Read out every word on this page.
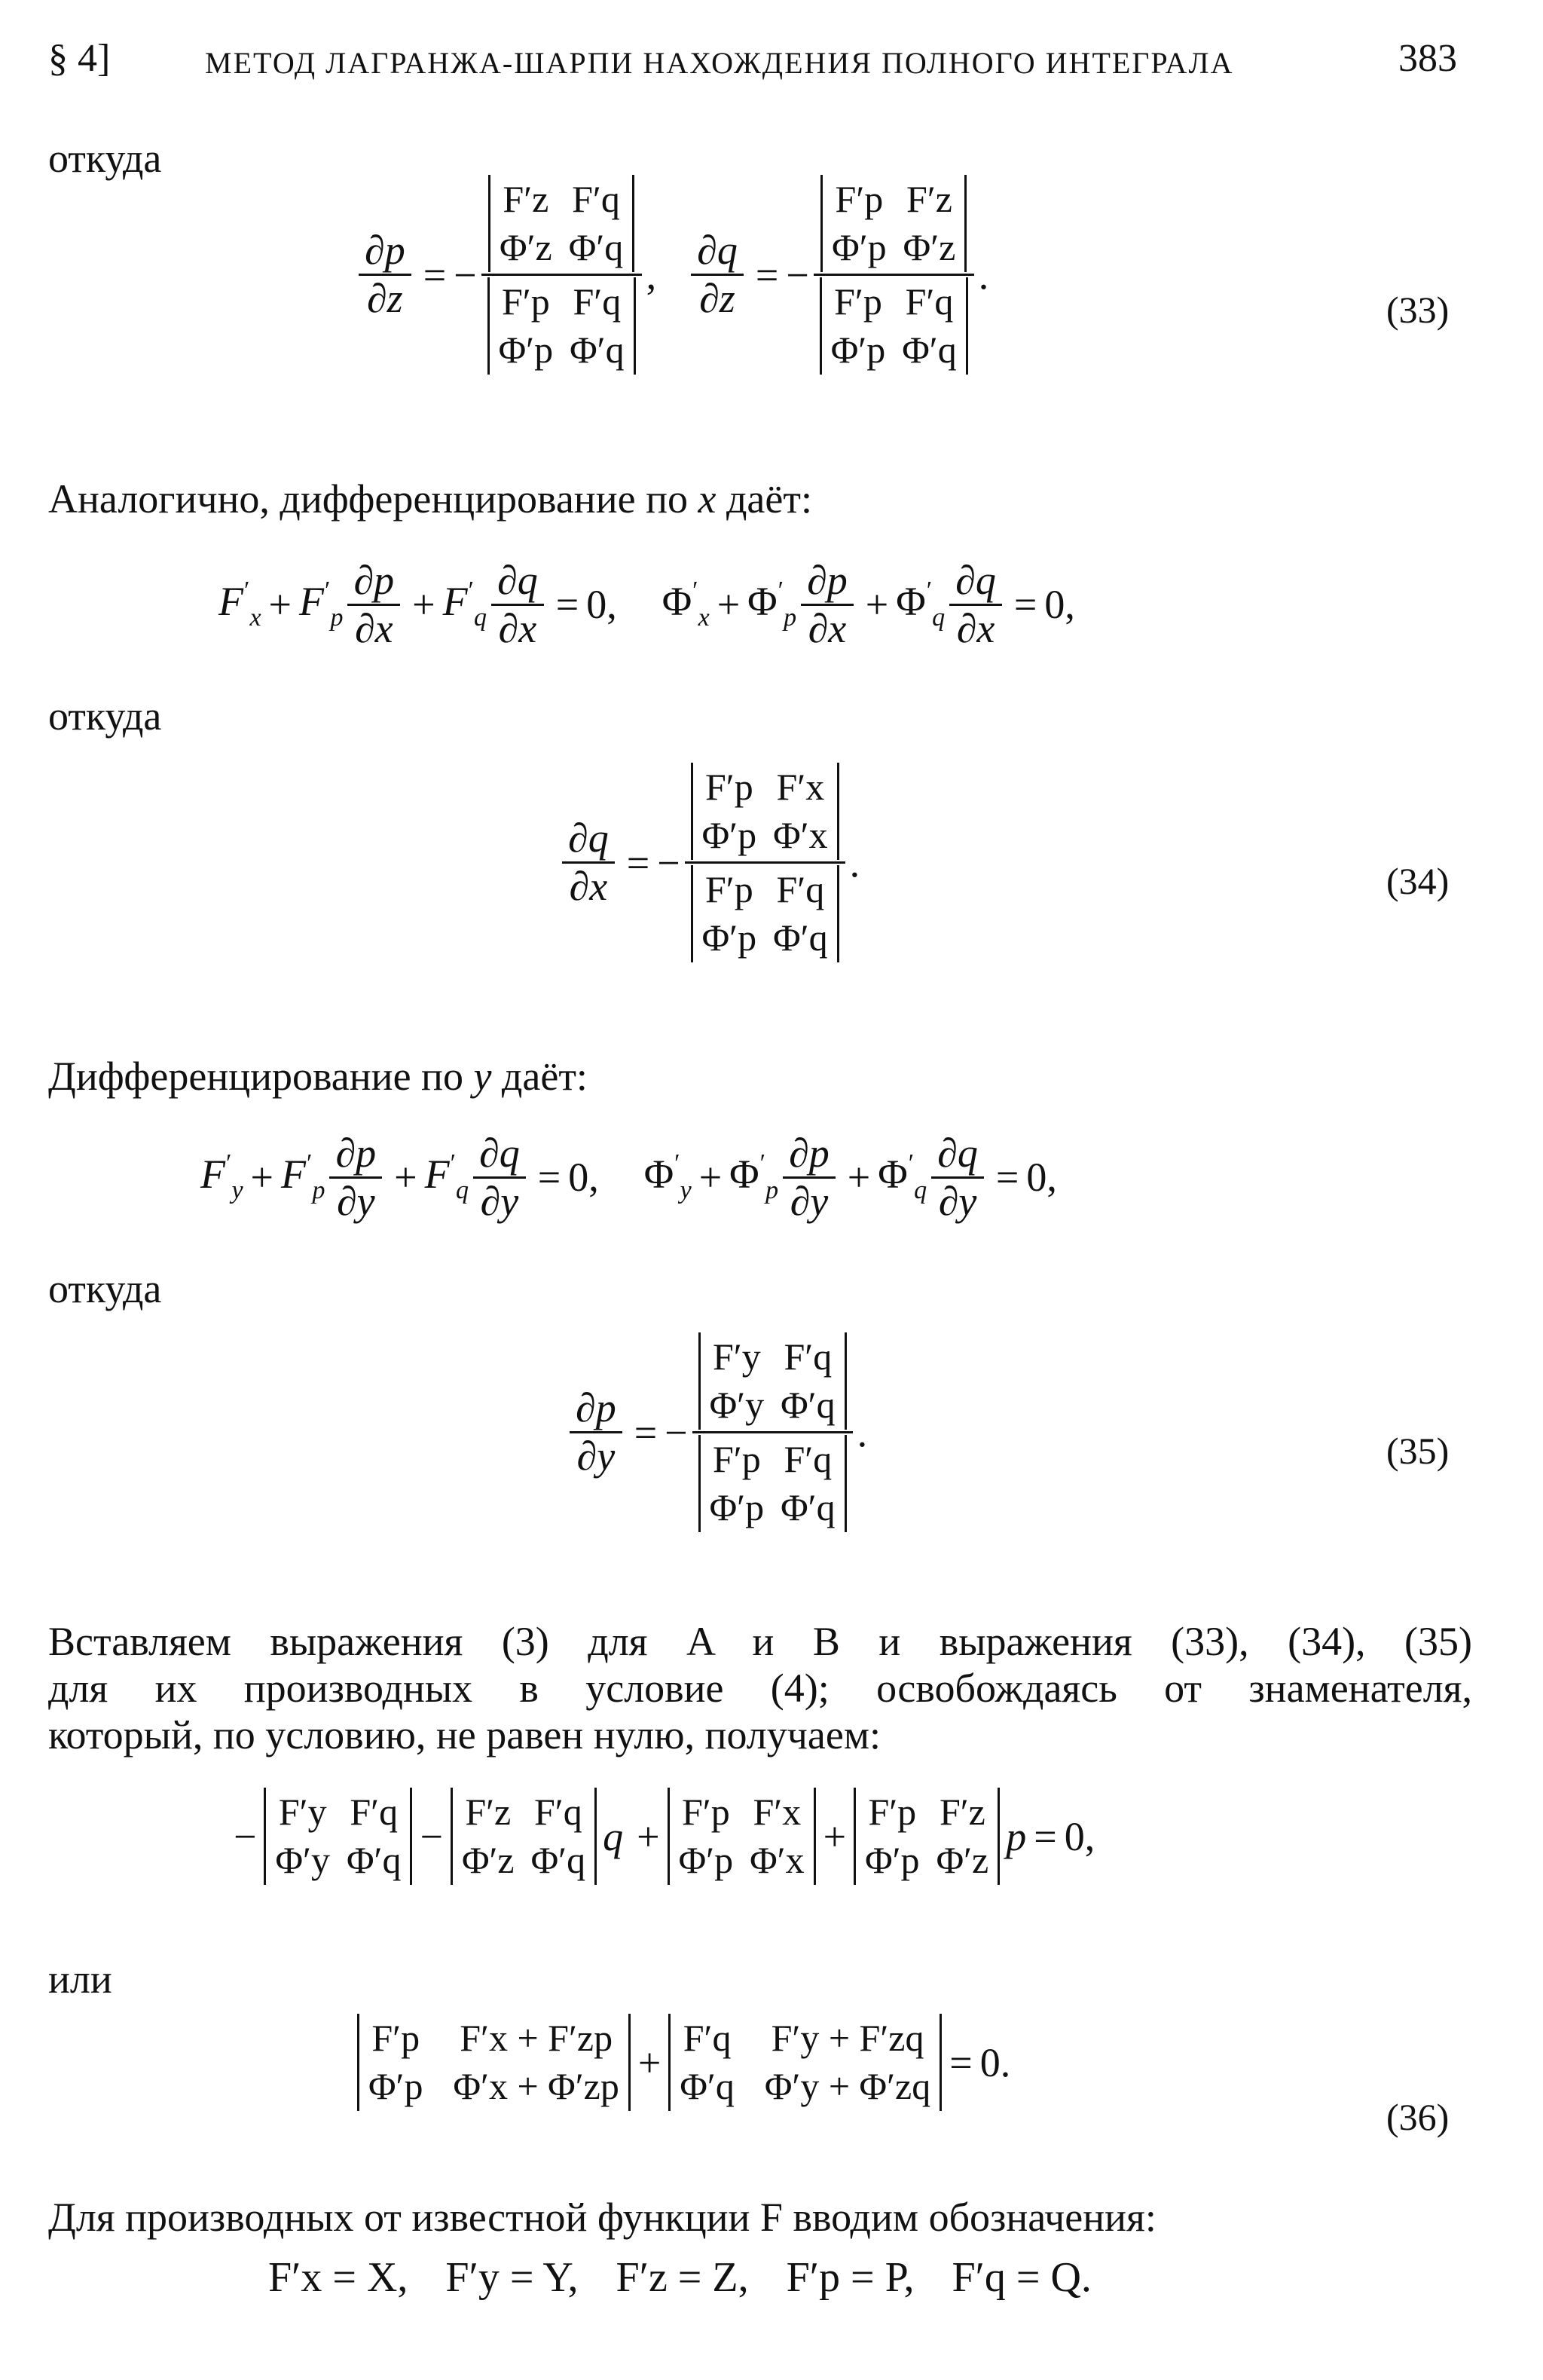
§ 4]	МЕТОД ЛАГРАНЖА-ШАРПИ НАХОЖДЕНИЯ ПОЛНОГО ИНТЕГРАЛА	383
откуда
$\frac{\partial p}{\partial z}$ = − F′z F′q
Φ′z Φ′q
F′p F′q
Φ′p Φ′q , $\frac{\partial q}{\partial z}$ = − F′p F′z
Φ′p Φ′z
F′p F′q
Φ′p Φ′q .
(33)
Аналогично, дифференцирование по x даёт:
$F'_x + F'_p \frac{\partial p}{\partial x} + F'_q \frac{\partial q}{\partial x} = 0$, $\Phi'_x + \Phi'_p \frac{\partial p}{\partial x} + \Phi'_q \frac{\partial q}{\partial x} = 0$,
откуда
$\frac{\partial q}{\partial x}$ = − F′p F′x
Φ′p Φ′x
F′p F′q
Φ′p Φ′q .	(34)
Дифференцирование по y даёт:
$F'_y + F'_p \frac{\partial p}{\partial y} + F'_q \frac{\partial q}{\partial y} = 0$, $\Phi'_y + \Phi'_p \frac{\partial p}{\partial y} + \Phi'_q \frac{\partial q}{\partial y} = 0$,
откуда
$\frac{\partial p}{\partial y}$ = − F′y F′q
Φ′y Φ′q
F′p F′q
Φ′p Φ′q .	(35)
Вставляем выражения (3) для A и B и выражения (33), (34), (35)
для их производных в условие (4); освобождаясь от знаменателя,
который, по условию, не равен нулю, получаем:
−
F′y F′q
Φ′y Φ′q
−
F′z F′q
Φ′z Φ′q
q +
F′p F′x
Φ′p Φ′x
+
F′p F′z
Φ′p Φ′z
p = 0 ,
или
F′p F′x + F′zp
Φ′p Φ′x + Φ′zp
+
F′q F′y + F′zq
Φ′q Φ′y + Φ′zq
= 0 .
(36)
Для производных от известной функции F вводим обозначения:
F′x = X, F′y = Y, F′z = Z, F′p = P, F′q = Q.
